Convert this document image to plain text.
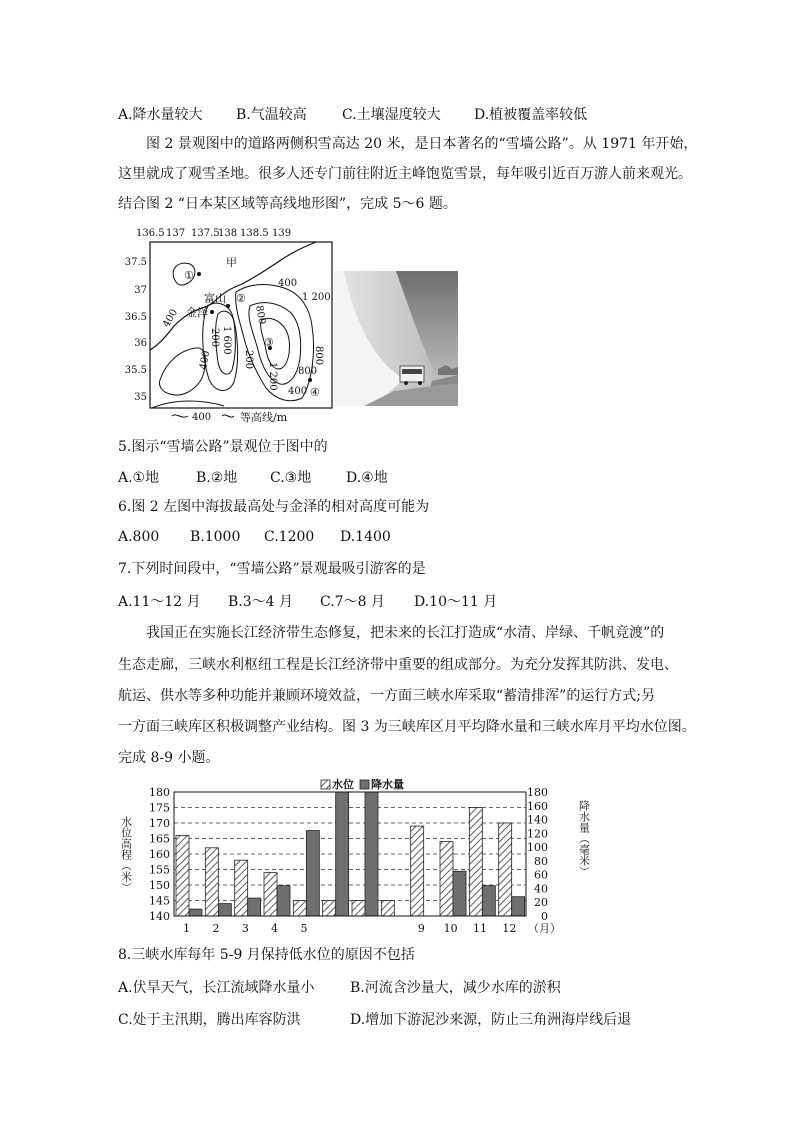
A.降水量较大 B.气温较高	C.土壤湿度较大 D.植被覆盖率较低
图 2 景观图中的道路两侧积雪高达 20 米，是日本著名的“雪墙公路”。从 1971 年开始，
这里就成了观雪圣地。很多人还专门前往附近主峰饱览雪景，每年吸引近百万游人前来观光。
结合图 2 “日本某区域等高线地形图”，完成 5～6 题。
136.5 137 137.5
138 138.5 139
37.5
37
36.5
36
35.5
35
400
1 200
400	800
1 600
200
200
400	800
400
1 200 800
甲
富山
金泽
①
②
③
④
400	等高线/m
5.图示“雪墙公路”景观位于图中的
A.①地	B.②地 C.③地 D.④地
6.图 2 左图中海拔最高处与金泽的相对高度可能为
A.800 B.1000 C.1200 D.1400
7.下列时间段中，“雪墙公路”景观最吸引游客的是
A.11～12 月 B.3～4 月 C.7～8 月 D.10～11 月
我国正在实施长江经济带生态修复，把未来的长江打造成“水清、岸绿、千帆竞渡”的
生态走廊，三峡水利枢纽工程是长江经济带中重要的组成部分。为充分发挥其防洪、发电、
航运、供水等多种功能并兼顾环境效益，一方面三峡水库采取“蓄清排浑”的运行方式;另
一方面三峡库区积极调整产业结构。图 3 为三峡库区月平均降水量和三峡水库月平均水位图。
完成 8-9 小题。
水位 降水量
水位高程（米）	降水量（毫米）
180
175
170
165
160
155
150
145
140
180
160
140
120
100
80
60
40
20
0
1 2 3 4 5	9 10 11 12 （月）
8.三峡水库每年 5-9 月保持低水位的原因不包括
A.伏旱天气，长江流域降水量小	B.河流含沙量大，减少水库的淤积
C.处于主汛期，腾出库容防洪	D.增加下游泥沙来源，防止三角洲海岸线后退
